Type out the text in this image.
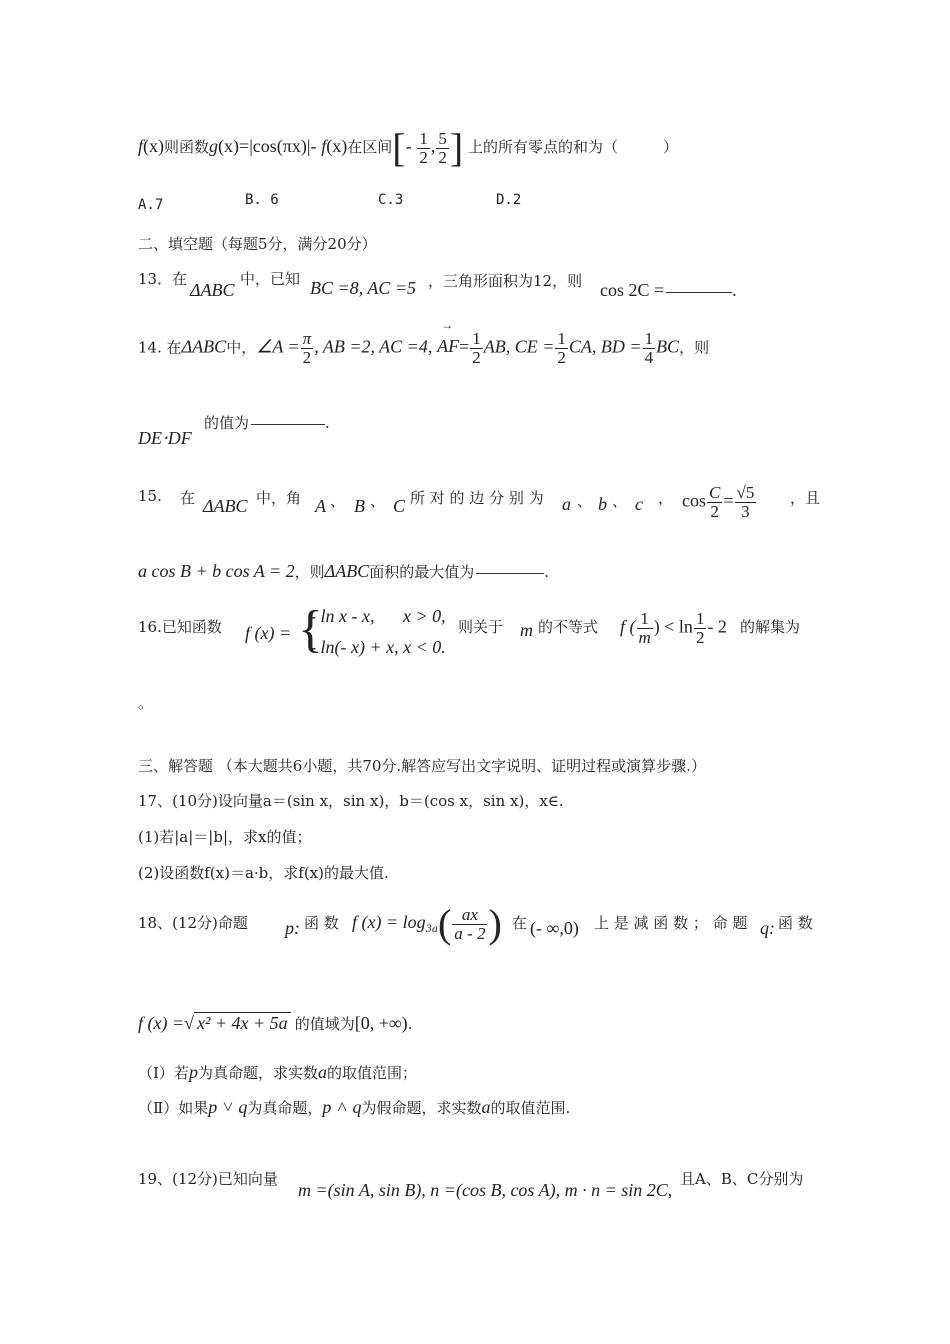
f(x)则函数g(x)=|cos(πx)|- f(x)在区间[- $\frac{1}{2}$ , $\frac{5}{2}$ ] 上的所有零点的和为（　　　）
A.7	B. 6	C.3	D.2
二、填空题（每题5分，满分20分）
13．在
ΔABC
中，已知 BC =8, AC =5 ，三角形面积为12，则 cos 2C =	.
14. 在ΔABC中，∠A = $\frac{\pi}{2}$ , AB =2, AC =4,
→
$AF= \frac{1}{2}$ AB, CE = $\frac{1}{2}$ CA, BD = $\frac{1}{4}$ BC，则
DE⋅DF
的值为	.
15. 在 ΔABC 中，角 A 、 B 、 C 所 对 的 边 分 别 为 a 、 b 、 c ， $\cos \frac{C}{2} = \frac{√5}{3}$ ，且
a cos B + b cos A = 2，则ΔABC面积的最大值为	.
16.已知函数 f (x) = {
- ln x - x, x > 0,
- ln(- x) + x, x < 0.
则关于 m 的不等式 f ( $\frac{1}{m}$ ) < $\ln \frac{1}{2} - 2$ 的解集为
。
三、解答题 （本大题共6小题，共70分.解答应写出文字说明、证明过程或演算步骤.）
17、(10分)设向量a＝(sin x，sin x)，b＝(cos x，sin x)，x∈.
(1)若|a|＝|b|，求x的值；
(2)设函数f(x)＝a·b，求f(x)的最大值.
18、(12分)命题 p: 函 数 f $(x) = \log_{3a}( \frac{ax}{a - 2}$ ) 在 (- ∞,0) 上 是 减 函 数 ； 命 题 q: 函 数
f (x) =√ x² + 4x + 5a 的值域为[0, +∞).
（Ⅰ）若p为真命题，求实数a的取值范围；
（Ⅱ）如果p ˅ q为真命题，p ˄ q为假命题，求实数a的取值范围.
19、(12分)已知向量
m =(sin A, sin B), n =(cos B, cos A), m · n = sin 2C,
且A、B、C分别为
